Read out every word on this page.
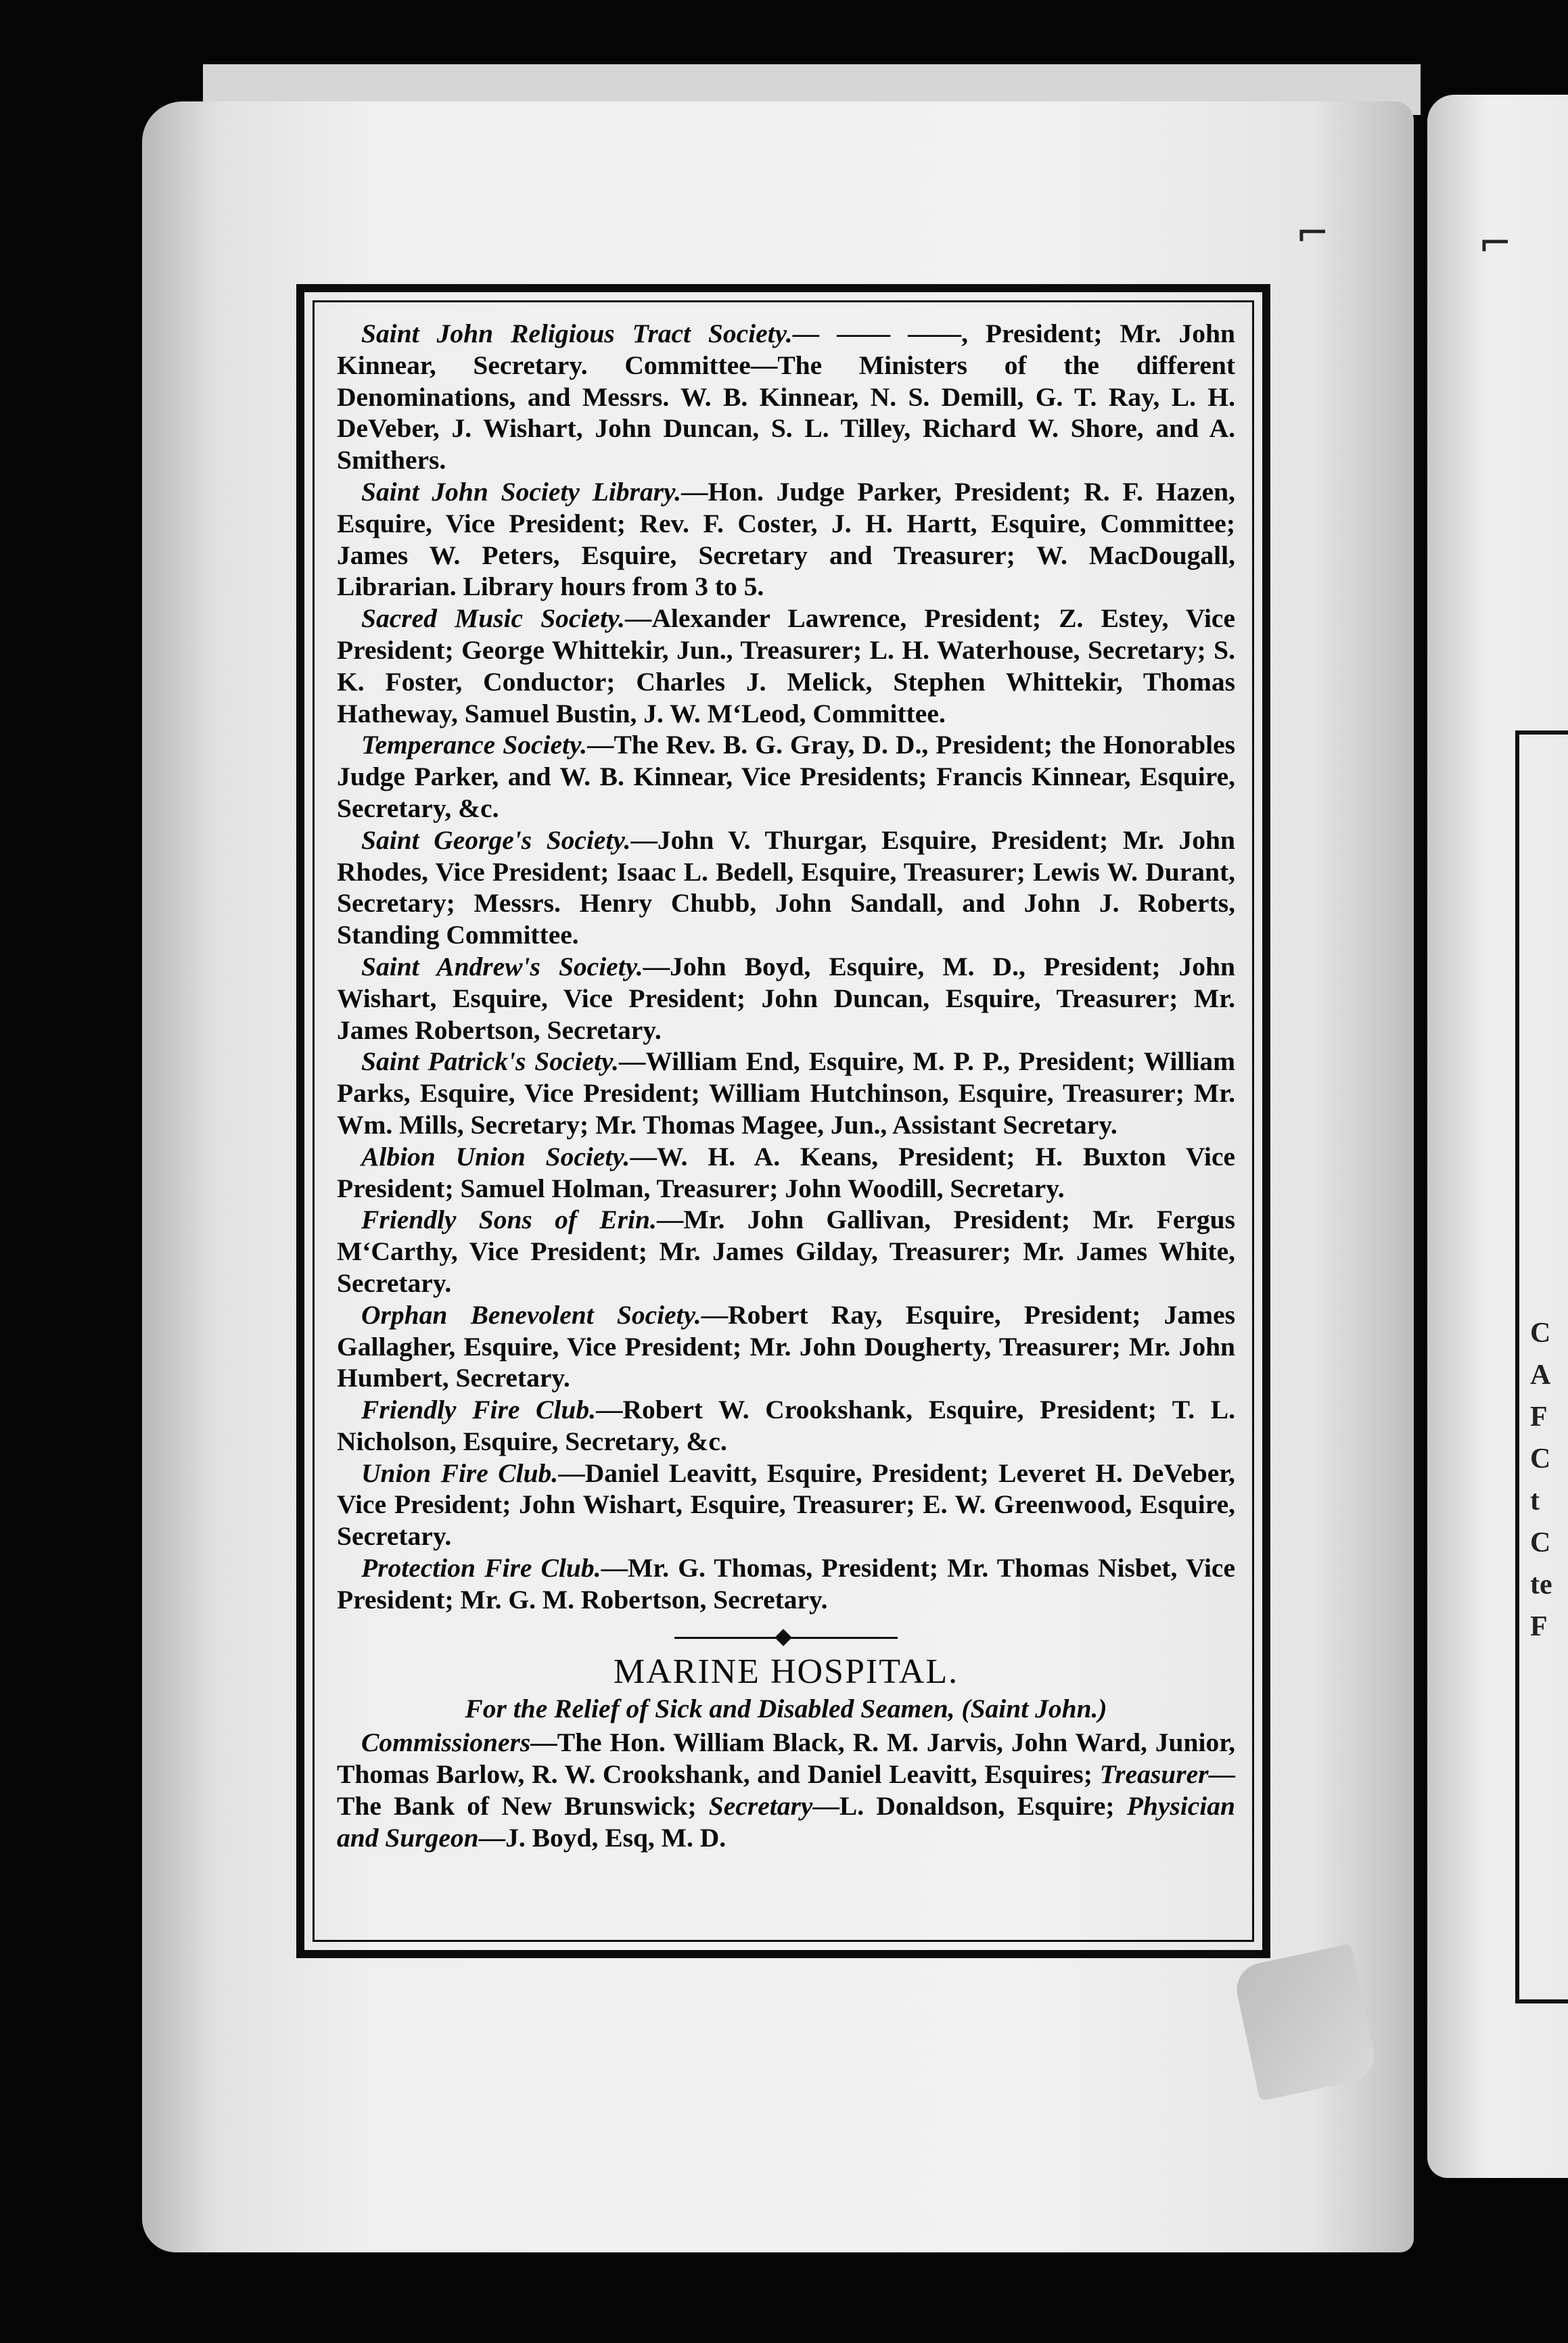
C
A
F
C
t
C
te
F
⌐	⌐

Saint John Religious Tract Society.— —— ——, President; Mr. John Kinnear, Secretary. Committee—The Ministers of the different Denominations, and Messrs. W. B. Kinnear, N. S. Demill, G. T. Ray, L. H. DeVeber, J. Wishart, John Duncan, S. L. Tilley, Richard W. Shore, and A. Smithers.

Saint John Society Library.—Hon. Judge Parker, President; R. F. Hazen, Esquire, Vice President; Rev. F. Coster, J. H. Hartt, Esquire, Committee; James W. Peters, Esquire, Secretary and Treasurer; W. MacDougall, Librarian. Library hours from 3 to 5.

Sacred Music Society.—Alexander Lawrence, President; Z. Estey, Vice President; George Whittekir, Jun., Treasurer; L. H. Waterhouse, Secretary; S. K. Foster, Conductor; Charles J. Melick, Stephen Whittekir, Thomas Hatheway, Samuel Bustin, J. W. M‘Leod, Committee.

Temperance Society.—The Rev. B. G. Gray, D. D., President; the Honorables Judge Parker, and W. B. Kinnear, Vice Presidents; Francis Kinnear, Esquire, Secretary, &c.

Saint George's Society.—John V. Thurgar, Esquire, President; Mr. John Rhodes, Vice President; Isaac L. Bedell, Esquire, Treasurer; Lewis W. Durant, Secretary; Messrs. Henry Chubb, John Sandall, and John J. Roberts, Standing Committee.

Saint Andrew's Society.—John Boyd, Esquire, M. D., President; John Wishart, Esquire, Vice President; John Duncan, Esquire, Treasurer; Mr. James Robertson, Secretary.

Saint Patrick's Society.—William End, Esquire, M. P. P., President; William Parks, Esquire, Vice President; William Hutchinson, Esquire, Treasurer; Mr. Wm. Mills, Secretary; Mr. Thomas Magee, Jun., Assistant Secretary.

Albion Union Society.—W. H. A. Keans, President; H. Buxton Vice President; Samuel Holman, Treasurer; John Woodill, Secretary.

Friendly Sons of Erin.—Mr. John Gallivan, President; Mr. Fergus M‘Carthy, Vice President; Mr. James Gilday, Treasurer; Mr. James White, Secretary.

Orphan Benevolent Society.—Robert Ray, Esquire, President; James Gallagher, Esquire, Vice President; Mr. John Dougherty, Treasurer; Mr. John Humbert, Secretary.

Friendly Fire Club.—Robert W. Crookshank, Esquire, President; T. L. Nicholson, Esquire, Secretary, &c.

Union Fire Club.—Daniel Leavitt, Esquire, President; Leveret H. DeVeber, Vice President; John Wishart, Esquire, Treasurer; E. W. Greenwood, Esquire, Secretary.

Protection Fire Club.—Mr. G. Thomas, President; Mr. Thomas Nisbet, Vice President; Mr. G. M. Robertson, Secretary.

MARINE HOSPITAL.

For the Relief of Sick and Disabled Seamen, (Saint John.)

Commissioners—The Hon. William Black, R. M. Jarvis, John Ward, Junior, Thomas Barlow, R. W. Crookshank, and Daniel Leavitt, Esquires; Treasurer—The Bank of New Brunswick; Secretary—L. Donaldson, Esquire; Physician and Surgeon—J. Boyd, Esq, M. D.
